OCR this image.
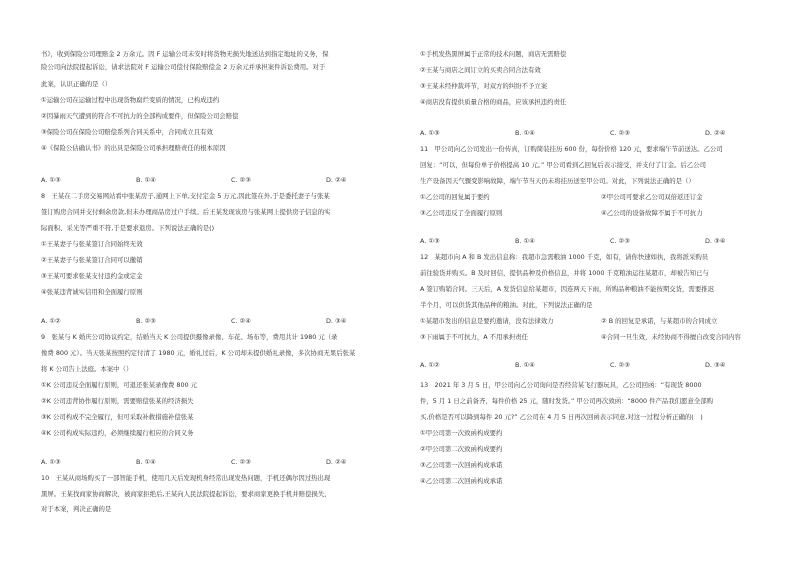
书》，收到保险公司理赔金 2 万余元。因 F 运输公司未安时将货物无损失地送达到指定地址的义务，保
险公司向法院提起诉讼，请求法院对 F 运输公司偿付保险赔偿金 2 万余元并承担案件诉讼费用。对于
此案，认识正确的是（）
①运输公司在运输过程中出现货物腐烂变质的情况，已构成违约
②因暴雨天气遭到的符合不可抗力的全部构成要件，但保险公司会赔偿
③保险公司在保险公司赔偿系列合同关系中，合同成立且有效
④《保险公估确认书》的出具是保险公司承担理赔责任的根本原因
A. ①③	B. ①④	C. ②③	D. ②④
8　王某在二手房交易网站看中张某房子,通网上下单,支付定金 5 万元,因此签在外,于是委托妻子与张某
签订购房合同并支付剩余房款,但未办理商品房过户手续。后王某发现该房与张某网上提供房子信息的实
际面积、采光等严重不符,于是要求退房。下列说法正确的是()
①王某妻子与张某签订合同始终无效
②王某妻子与张某签订合同可以撤销
③王某可要求张某支付违约金或定金
④张某违背诚实信用和全面履行原则
A. ①②	B. ②③	C. ②④	D. ③④
9　张某与 K 婚庆公司协议约定，结婚当天 K 公司提供摄像录像、车花、场布等，费用共计 1980 元（录
像费 800 元）。当天张某按照约定付清了 1980 元，婚礼过后，K 公司却未提供婚礼录像，多次协商无果后张某
将 K 公司告上法庭。本案中（）
①K 公司违反全面履行原则，可退还张某录像费 800 元
②K 公司违背协作履行原则，需要赔偿张某的经济损失
③K 公司构成不完全履行，但可采取补救措施补偿张某
④K 公司构成实际违约，必须继续履行相应的合同义务
A. ①③	B. ①④	C. ②③	D. ②④
10　王某从商场购买了一部智能手机，使用几天后发现机身经常出现发热问题，手机还偶尔因过热出现
黑屏。王某找商家协商解决，被商家拒绝后,王某向人民法院提起诉讼，要求商家更换手机并赔偿损失，
对于本案，判决正确的是
①手机发热黑屏属于正常的技术问题，商店无需赔偿
②王某与商店之间订立的买卖合同合法有效
③王某未经仲裁环节，对双方的纠纷不予立案
④商店没有提供质量合格的商品，应该承担违约责任
A. ①③	B. ①④	C. ②③	D. ②④
11　甲公司向乙公司发出一份传真，订购简装挂历 600 份，每份价格 120 元，要求端午节前送达。乙公司
回复：“可以，但每份单子价格提高 10 元。” 甲公司看到乙回复后表示接受，并支付了订金。后乙公司
生产设备因天气骤变影响故障，端午节当天仍未将挂历送至甲公司。对此，下列说法正确的是（）
①乙公司的回复属于要约	②甲公司可要求乙公司双倍返还订金
③乙公司违反了全面履行原则	④乙公司的设备故障不属于不可抗力
A. ①③	B. ①④	C. ②③	D. ③④
12　某超市向 A 和 B 发出信息称：我超市急需粮油 1000 千克，如有，请你快速如执，我将派采购员
前往验货并购买。B 及时回信，提供品种及价格信息，并将 1000 千克粮油运往某超市，却被告知已与
A 签订购销合同。三天后，A 发货信息给某超市，因连两天下雨，所购品种粮油不能按期交货，需要推迟
半个月，可以供货其他品种的粮油。对此，下列说法正确的是
①某超市发出的信息是要约邀请，没有法律效力	② B 的回复是承诺，与某超市的合同成立
③下雨属于不可抗力，A 不用承担责任	④合同一旦生效，未经协商不得擅自改变合同内容
A. ①②	B. ①④	C. ②③	D. ③④
13　2021 年 3 月 5 日，甲公司向乙公司询问是否经营某飞行器玩具，乙公司回函：“有现货 8000
件，5 月 1 日之前备齐，每件价格 25 元，随时发货。” 甲公司再次致函：“8000 件产品我们愿意全部购
买,价格是否可以降到每件 20 元?” 乙公司在 4 月 5 日再次回函表示同意,对这一过程分析正确的(　)
①甲公司第一次致函构成要约
②甲公司第二次致函构成要约
③乙公司第一次回函构成承诺
④乙公司第二次回函构成承诺
